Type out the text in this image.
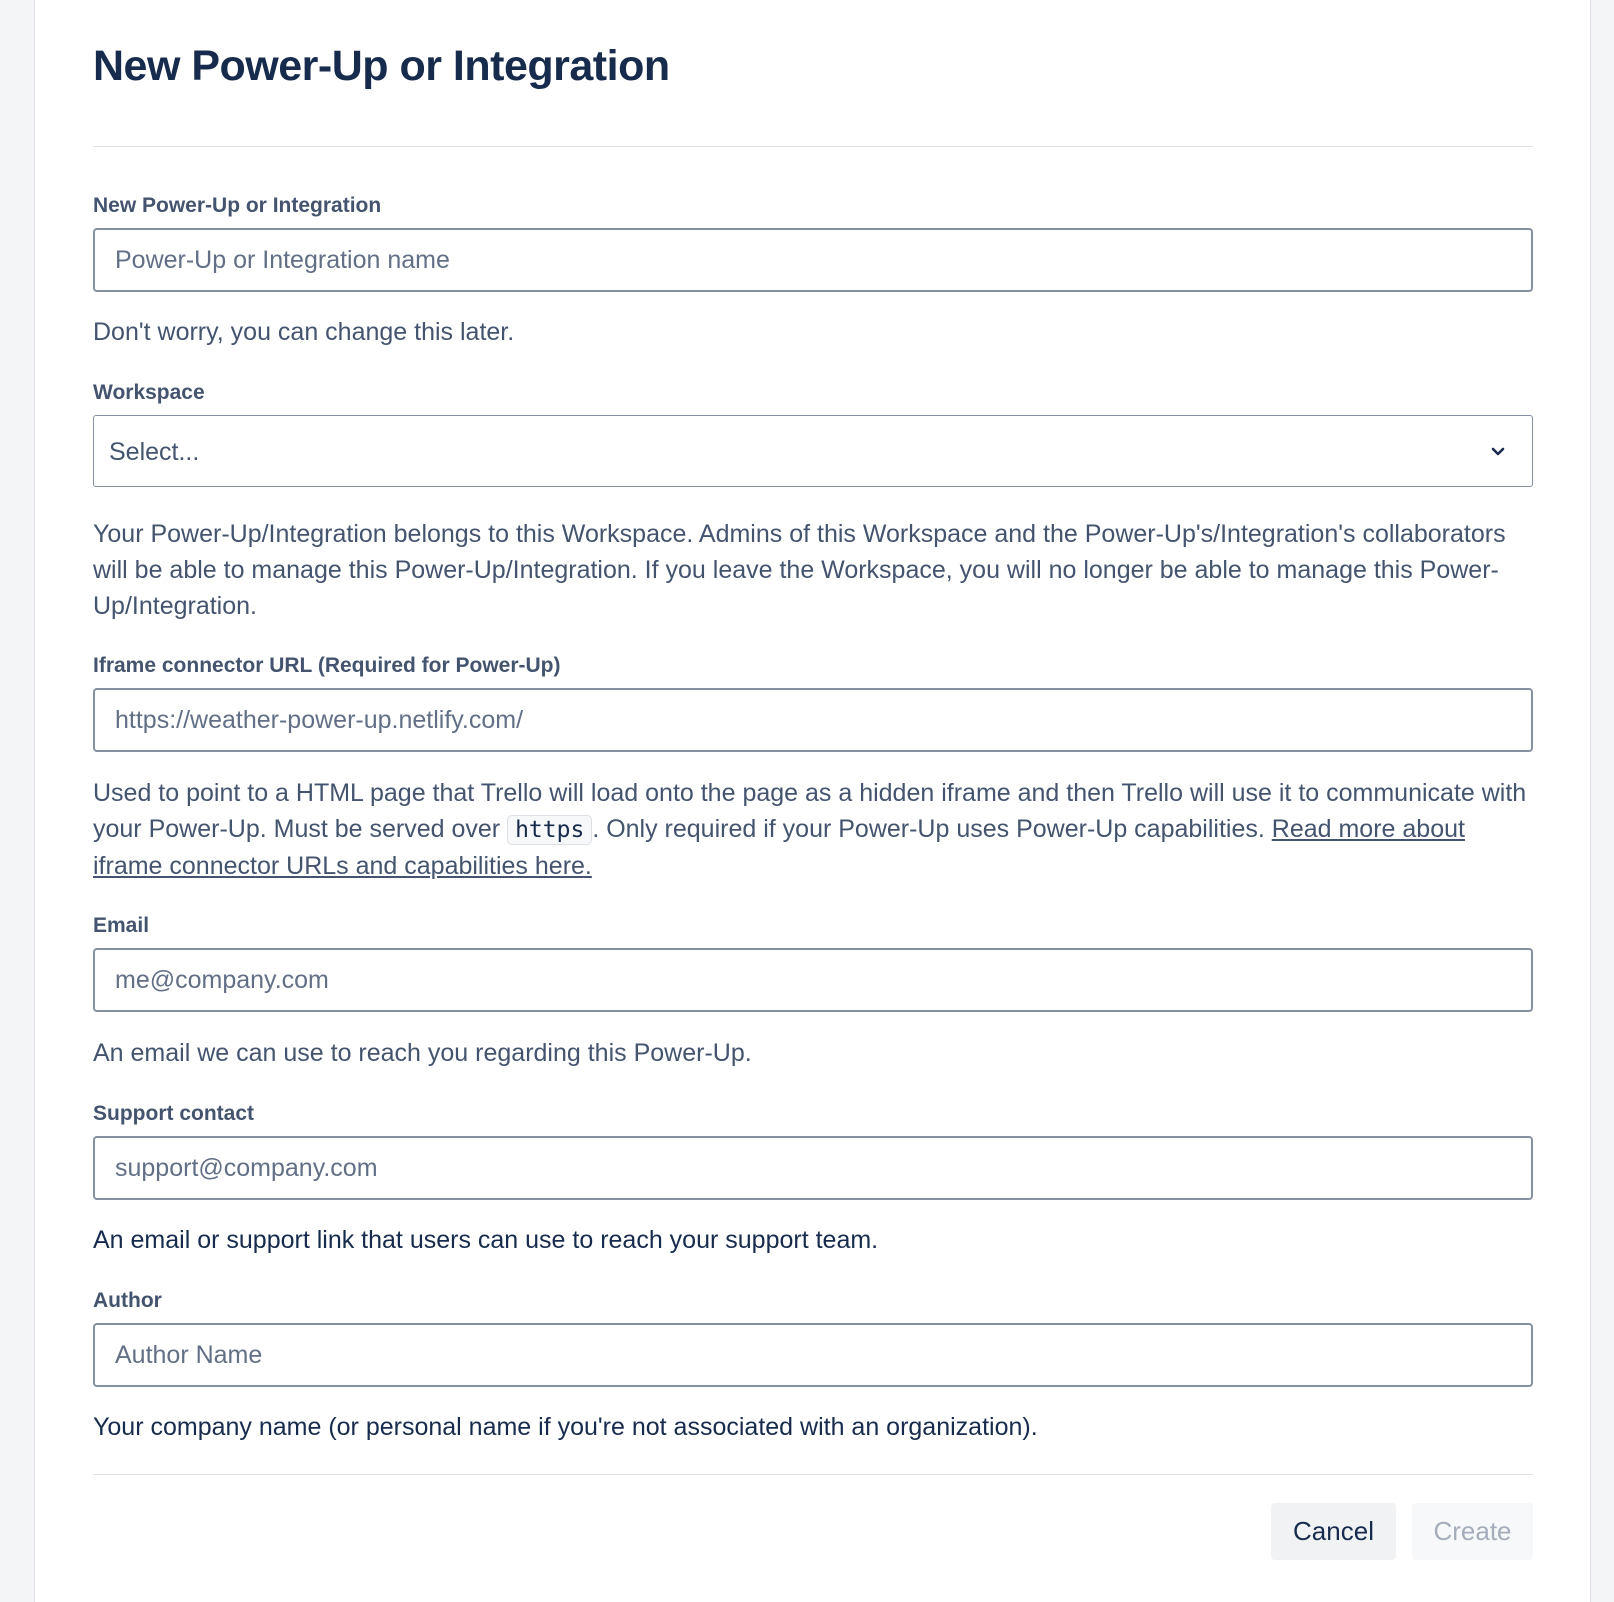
New Power-Up or Integration
New Power-Up or Integration
Power-Up or Integration name
Don't worry, you can change this later.
Workspace
Select...
Your Power-Up/Integration belongs to this Workspace. Admins of this Workspace and the Power-Up's/Integration's collaborators will be able to manage this Power-Up/Integration. If you leave the Workspace, you will no longer be able to manage this Power-Up/Integration.
Iframe connector URL (Required for Power-Up)
https://weather-power-up.netlify.com/
Used to point to a HTML page that Trello will load onto the page as a hidden iframe and then Trello will use it to communicate with your Power-Up. Must be served over https . Only required if your Power-Up uses Power-Up capabilities. Read more about iframe connector URLs and capabilities here.
Email
me@company.com
An email we can use to reach you regarding this Power-Up.
Support contact
support@company.com
An email or support link that users can use to reach your support team.
Author
Author Name
Your company name (or personal name if you're not associated with an organization).
Cancel	Create
